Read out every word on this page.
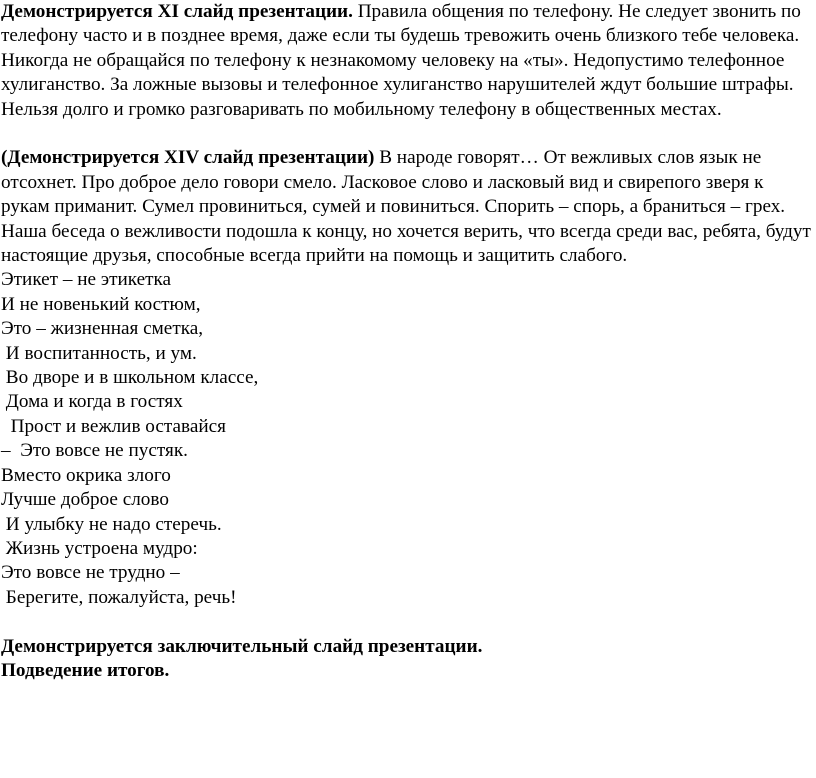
Демонстрируется XI слайд презентации. Правила общения по телефону. Не следует звонить по телефону часто и в позднее время, даже если ты будешь тревожить очень близкого тебе человека. Никогда не обращайся по телефону к незнакомому человеку на «ты». Недопустимо телефонное хулиганство. За ложные вызовы и телефонное хулиганство нарушителей ждут большие штрафы. Нельзя долго и громко разговаривать по мобильному телефону в общественных местах.

(Демонстрируется XIV слайд презентации) В народе говорят… От вежливых слов язык не отсохнет. Про доброе дело говори смело. Ласковое слово и ласковый вид и свирепого зверя к рукам приманит. Сумел провиниться, сумей и повиниться. Спорить – спорь, а браниться – грех.

Наша беседа о вежливости подошла к концу, но хочется верить, что всегда среди вас, ребята, будут настоящие друзья, способные всегда прийти на помощь и защитить слабого.

Этикет – не этикетка

И не новенький костюм,

Это – жизненная сметка,

И воспитанность, и ум.

Во дворе и в школьном классе,

Дома и когда в гостях

Прост и вежлив оставайся

–  Это вовсе не пустяк.

Вместо окрика злого

Лучше доброе слово

И улыбку не надо стеречь.

Жизнь устроена мудро:

Это вовсе не трудно –

Берегите, пожалуйста, речь!

Демонстрируется заключительный слайд презентации.

Подведение итогов.
